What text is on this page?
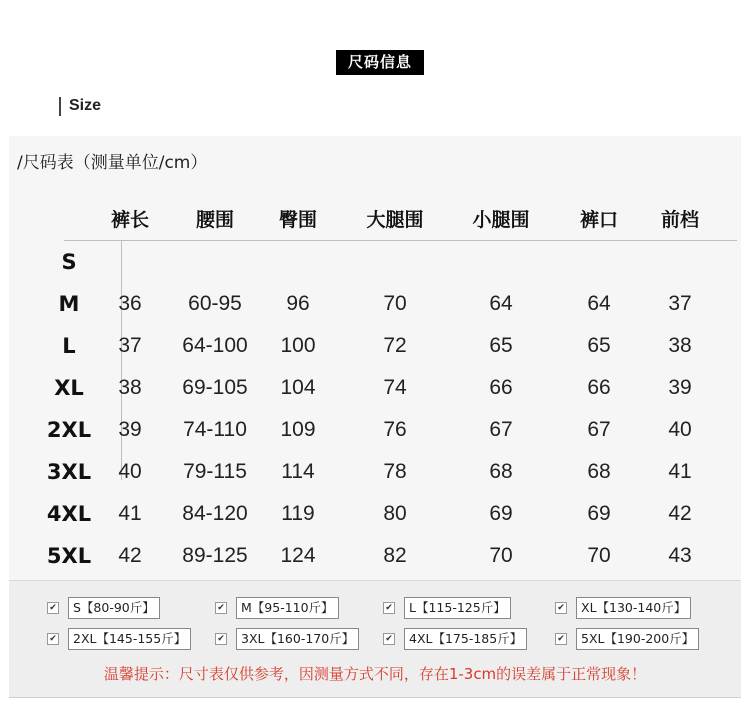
尺码信息
Size
/尺码表（测量单位/cm）
裤长	腰围	臀围	大腿围	小腿围	裤口	前档
S
M	36	60-95	96	70	64	64	37
L	37	64-100	100	72	65	65	38
XL	38	69-105	104	74	66	66	39
2XL	39	74-110	109	76	67	67	40
3XL	40	79-115	114	78	68	68	41
4XL	41	84-120	119	80	69	69	42
5XL	42	89-125	124	82	70	70	43
温馨提示：尺寸表仅供参考，因测量方式不同，存在1-3cm的误差属于正常现象！
✔	S【80-90斤】	✔	M【95-110斤】	✔	L【115-125斤】	✔	XL【130-140斤】
✔	2XL【145-155斤】	✔	3XL【160-170斤】	✔	4XL【175-185斤】	✔	5XL【190-200斤】
